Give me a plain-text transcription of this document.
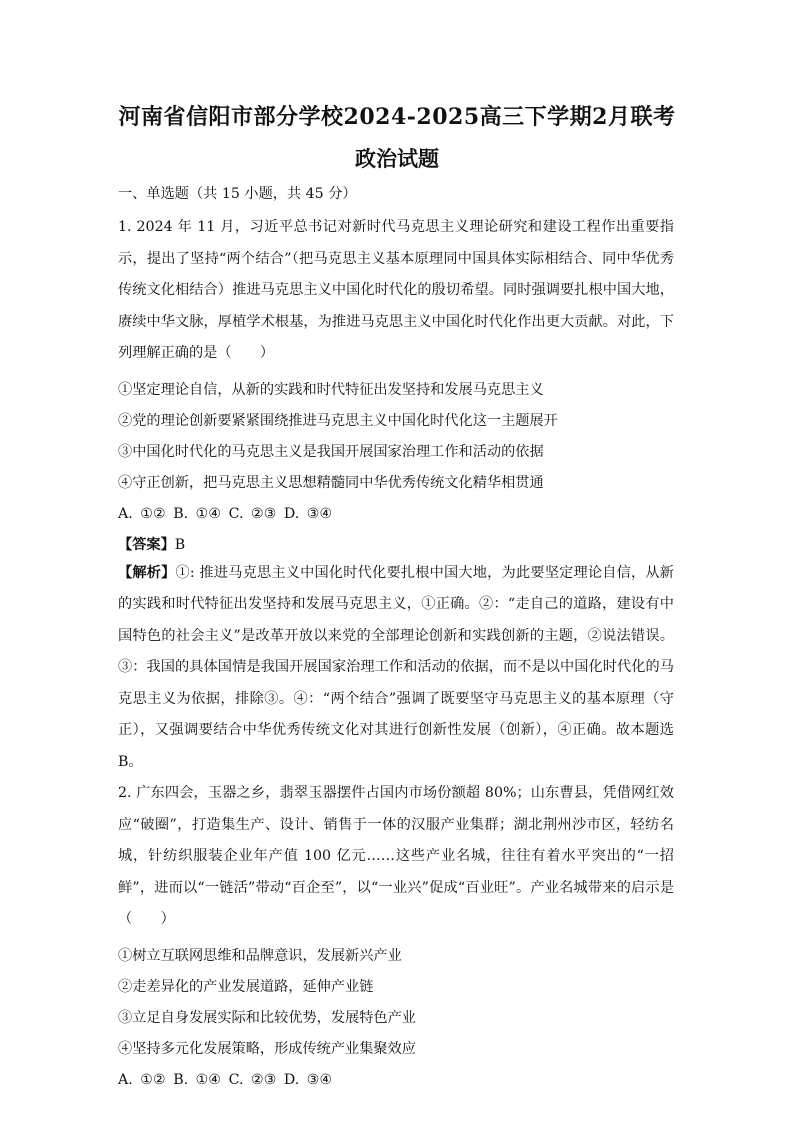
河南省信阳市部分学校2024-2025高三下学期2月联考
政治试题
一、单选题（共 15 小题，共 45 分）
1. 2024 年 11 月，习近平总书记对新时代马克思主义理论研究和建设工程作出重要指示，提出了坚持“两个结合”（把马克思主义基本原理同中国具体实际相结合、同中华优秀传统文化相结合）推进马克思主义中国化时代化的殷切希望。同时强调要扎根中国大地，赓续中华文脉，厚植学术根基，为推进马克思主义中国化时代化作出更大贡献。对此，下列理解正确的是（　　）
①坚定理论自信，从新的实践和时代特征出发坚持和发展马克思主义
②党的理论创新要紧紧围绕推进马克思主义中国化时代化这一主题展开
③中国化时代化的马克思主义是我国开展国家治理工作和活动的依据
④守正创新，把马克思主义思想精髓同中华优秀传统文化精华相贯通
A. ①② B. ①④ C. ②③ D. ③④
【答案】B
【解析】①: 推进马克思主义中国化时代化要扎根中国大地，为此要坚定理论自信，从新的实践和时代特征出发坚持和发展马克思主义，①正确。②：“走自己的道路，建设有中国特色的社会主义”是改革开放以来党的全部理论创新和实践创新的主题，②说法错误。③：我国的具体国情是我国开展国家治理工作和活动的依据，而不是以中国化时代化的马克思主义为依据，排除③。④：“两个结合”强调了既要坚守马克思主义的基本原理（守正），又强调要结合中华优秀传统文化对其进行创新性发展（创新），④正确。故本题选 B。
2. 广东四会，玉器之乡，翡翠玉器摆件占国内市场份额超 80%；山东曹县，凭借网红效应“破圈”，打造集生产、设计、销售于一体的汉服产业集群；湖北荆州沙市区，轻纺名城，针纺织服装企业年产值 100 亿元……这些产业名城，往往有着水平突出的“一招鲜”，进而以“一链活”带动“百企至”，以“一业兴”促成“百业旺”。产业名城带来的启示是（　　）
①树立互联网思维和品牌意识，发展新兴产业
②走差异化的产业发展道路，延伸产业链
③立足自身发展实际和比较优势，发展特色产业
④坚持多元化发展策略，形成传统产业集聚效应
A. ①② B. ①④ C. ②③ D. ③④
